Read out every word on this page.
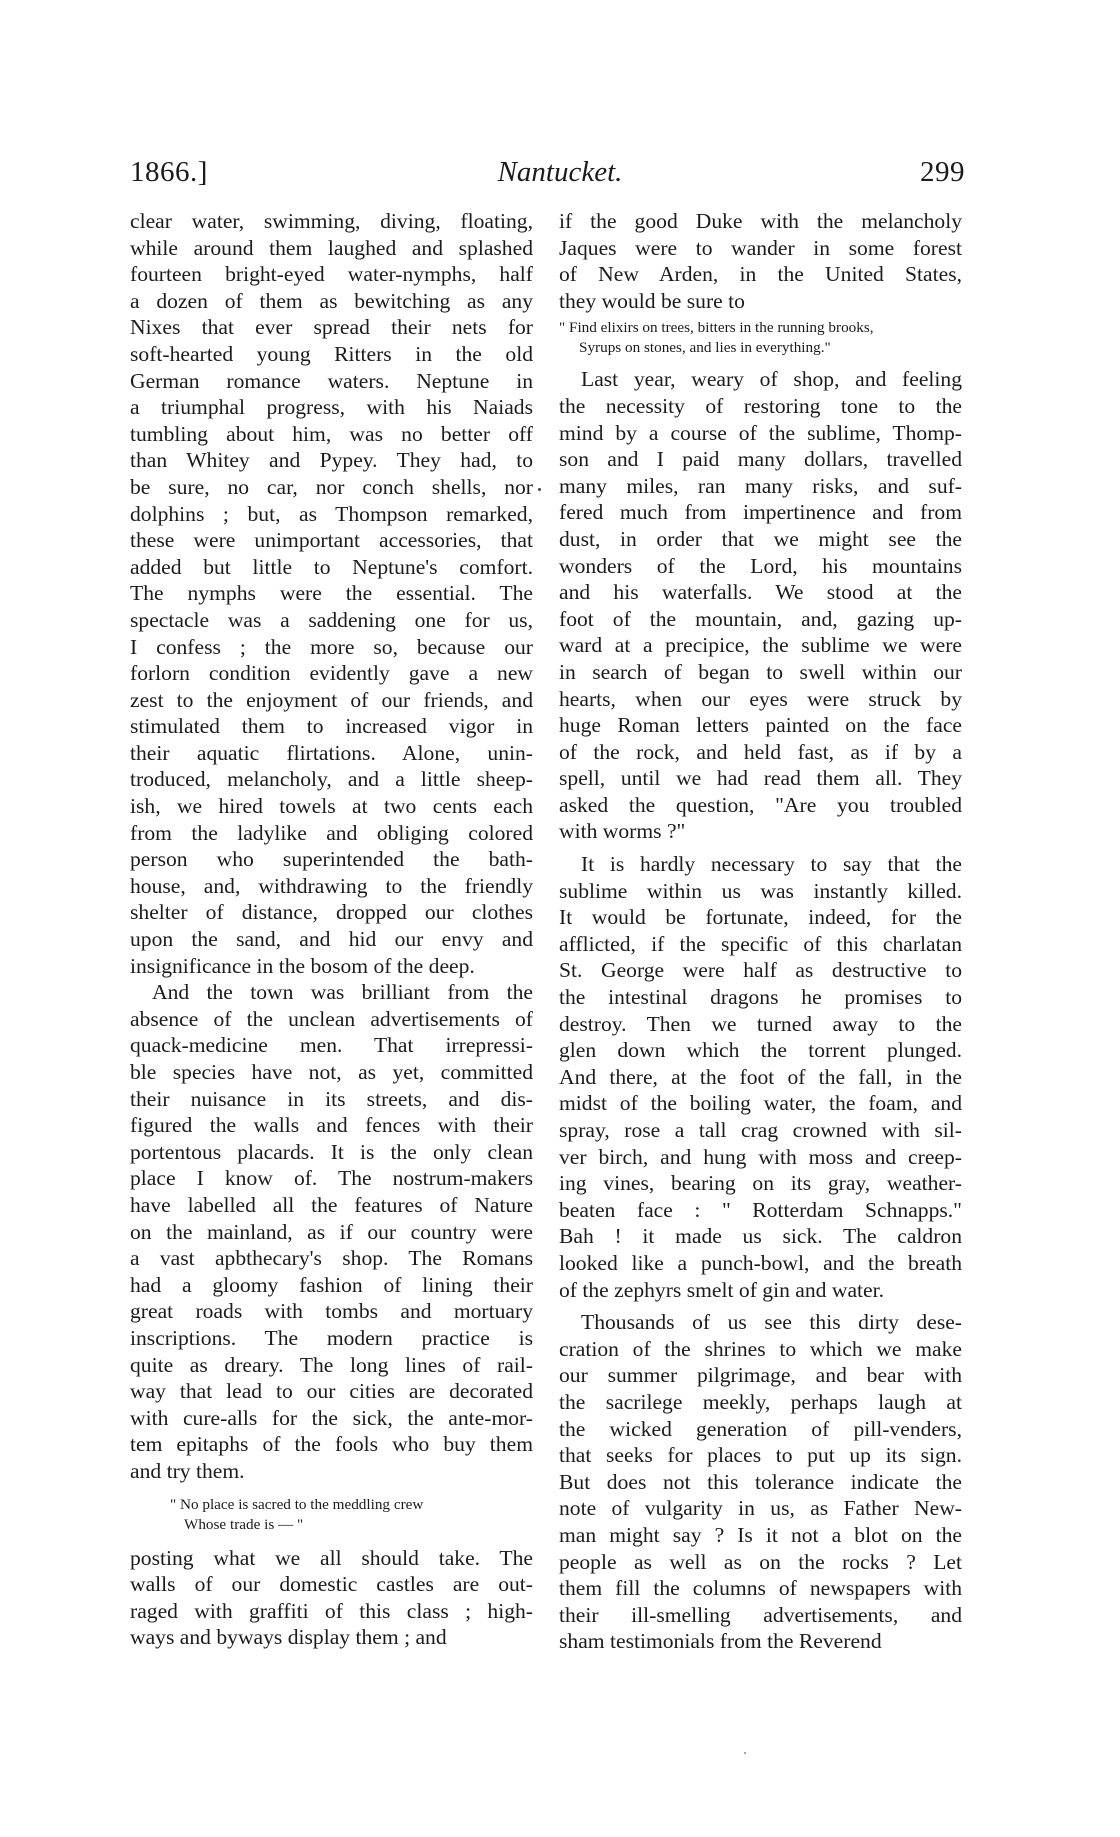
1866.]	Nantucket.	299
clear water, swimming, diving, floating,
while around them laughed and splashed
fourteen bright-eyed water-nymphs, half
a dozen of them as bewitching as any
Nixes that ever spread their nets for
soft-hearted young Ritters in the old
German romance waters. Neptune in
a triumphal progress, with his Naiads
tumbling about him, was no better off
than Whitey and Pypey. They had, to
be sure, no car, nor conch shells, nor
dolphins ; but, as Thompson remarked,
these were unimportant accessories, that
added but little to Neptune's comfort.
The nymphs were the essential. The
spectacle was a saddening one for us,
I confess ; the more so, because our
forlorn condition evidently gave a new
zest to the enjoyment of our friends, and
stimulated them to increased vigor in
their aquatic flirtations. Alone, unin-
troduced, melancholy, and a little sheep-
ish, we hired towels at two cents each
from the ladylike and obliging colored
person who superintended the bath-
house, and, withdrawing to the friendly
shelter of distance, dropped our clothes
upon the sand, and hid our envy and
insignificance in the bosom of the deep.
And the town was brilliant from the
absence of the unclean advertisements of
quack-medicine men. That irrepressi-
ble species have not, as yet, committed
their nuisance in its streets, and dis-
figured the walls and fences with their
portentous placards. It is the only clean
place I know of. The nostrum-makers
have labelled all the features of Nature
on the mainland, as if our country were
a vast apbthecary's shop. The Romans
had a gloomy fashion of lining their
great roads with tombs and mortuary
inscriptions. The modern practice is
quite as dreary. The long lines of rail-
way that lead to our cities are decorated
with cure-alls for the sick, the ante-mor-
tem epitaphs of the fools who buy them
and try them.
" No place is sacred to the meddling crew
Whose trade is — "
posting what we all should take. The
walls of our domestic castles are out-
raged with graffiti of this class ; high-
ways and byways display them ; and
if the good Duke with the melancholy
Jaques were to wander in some forest
of New Arden, in the United States,
they would be sure to
" Find elixirs on trees, bitters in the running brooks,
Syrups on stones, and lies in everything."
Last year, weary of shop, and feeling
the necessity of restoring tone to the
mind by a course of the sublime, Thomp-
son and I paid many dollars, travelled
many miles, ran many risks, and suf-
fered much from impertinence and from
dust, in order that we might see the
wonders of the Lord, his mountains
and his waterfalls. We stood at the
foot of the mountain, and, gazing up-
ward at a precipice, the sublime we were
in search of began to swell within our
hearts, when our eyes were struck by
huge Roman letters painted on the face
of the rock, and held fast, as if by a
spell, until we had read them all. They
asked the question, "Are you troubled
with worms ?"
It is hardly necessary to say that the
sublime within us was instantly killed.
It would be fortunate, indeed, for the
afflicted, if the specific of this charlatan
St. George were half as destructive to
the intestinal dragons he promises to
destroy. Then we turned away to the
glen down which the torrent plunged.
And there, at the foot of the fall, in the
midst of the boiling water, the foam, and
spray, rose a tall crag crowned with sil-
ver birch, and hung with moss and creep-
ing vines, bearing on its gray, weather-
beaten face : " Rotterdam Schnapps."
Bah ! it made us sick. The caldron
looked like a punch-bowl, and the breath
of the zephyrs smelt of gin and water.
Thousands of us see this dirty dese-
cration of the shrines to which we make
our summer pilgrimage, and bear with
the sacrilege meekly, perhaps laugh at
the wicked generation of pill-venders,
that seeks for places to put up its sign.
But does not this tolerance indicate the
note of vulgarity in us, as Father New-
man might say ? Is it not a blot on the
people as well as on the rocks ? Let
them fill the columns of newspapers with
their ill-smelling advertisements, and
sham testimonials from the Reverend
